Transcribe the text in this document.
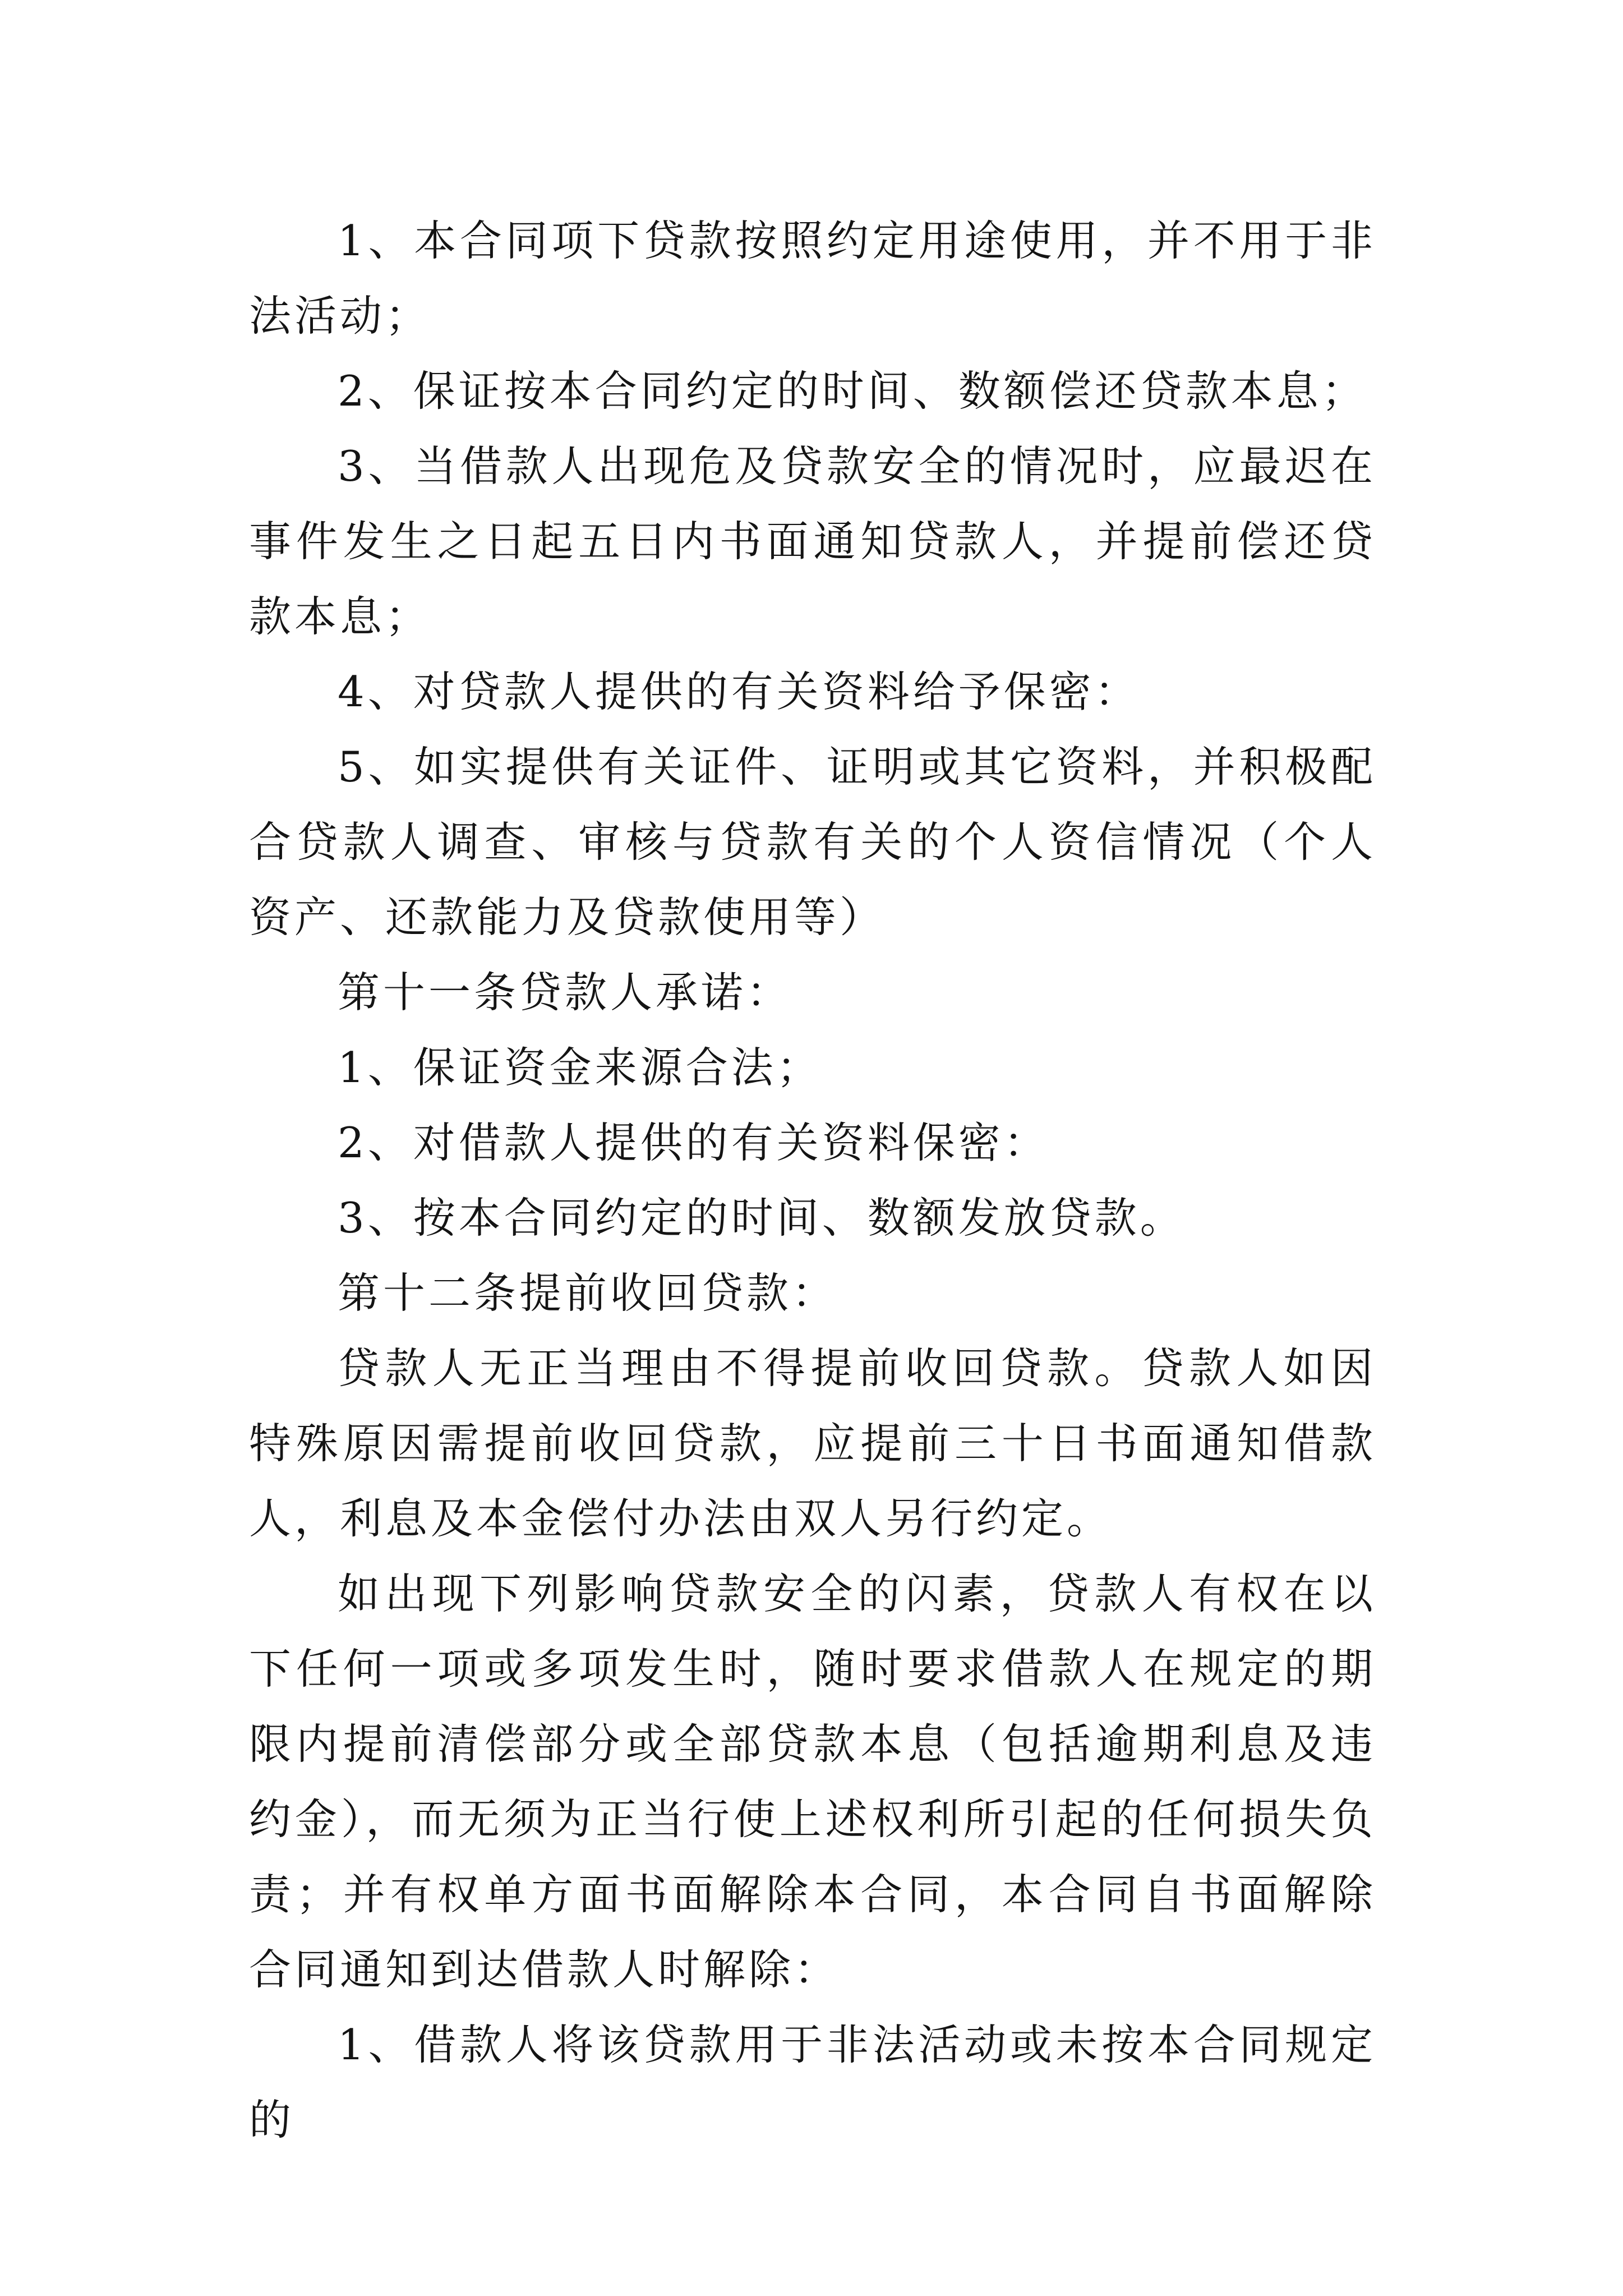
1、本合同项下贷款按照约定用途使用，并不用于非法活动；

2、保证按本合同约定的时间、数额偿还贷款本息；

3、当借款人出现危及贷款安全的情况时，应最迟在事件发生之日起五日内书面通知贷款人，并提前偿还贷款本息；

4、对贷款人提供的有关资料给予保密：

5、如实提供有关证件、证明或其它资料，并积极配合贷款人调查、审核与贷款有关的个人资信情况（个人资产、还款能力及贷款使用等）

第十一条贷款人承诺：

1、保证资金来源合法；

2、对借款人提供的有关资料保密：

3、按本合同约定的时间、数额发放贷款。

第十二条提前收回贷款：

贷款人无正当理由不得提前收回贷款。贷款人如因特殊原因需提前收回贷款，应提前三十日书面通知借款人，利息及本金偿付办法由双人另行约定。

如出现下列影响贷款安全的闪素，贷款人有权在以下任何一项或多项发生时，随时要求借款人在规定的期限内提前清偿部分或全部贷款本息（包括逾期利息及违约金），而无须为正当行使上述权利所引起的任何损失负责；并有权单方面书面解除本合同，本合同自书面解除合同通知到达借款人时解除：

1、借款人将该贷款用于非法活动或未按本合同规定的
